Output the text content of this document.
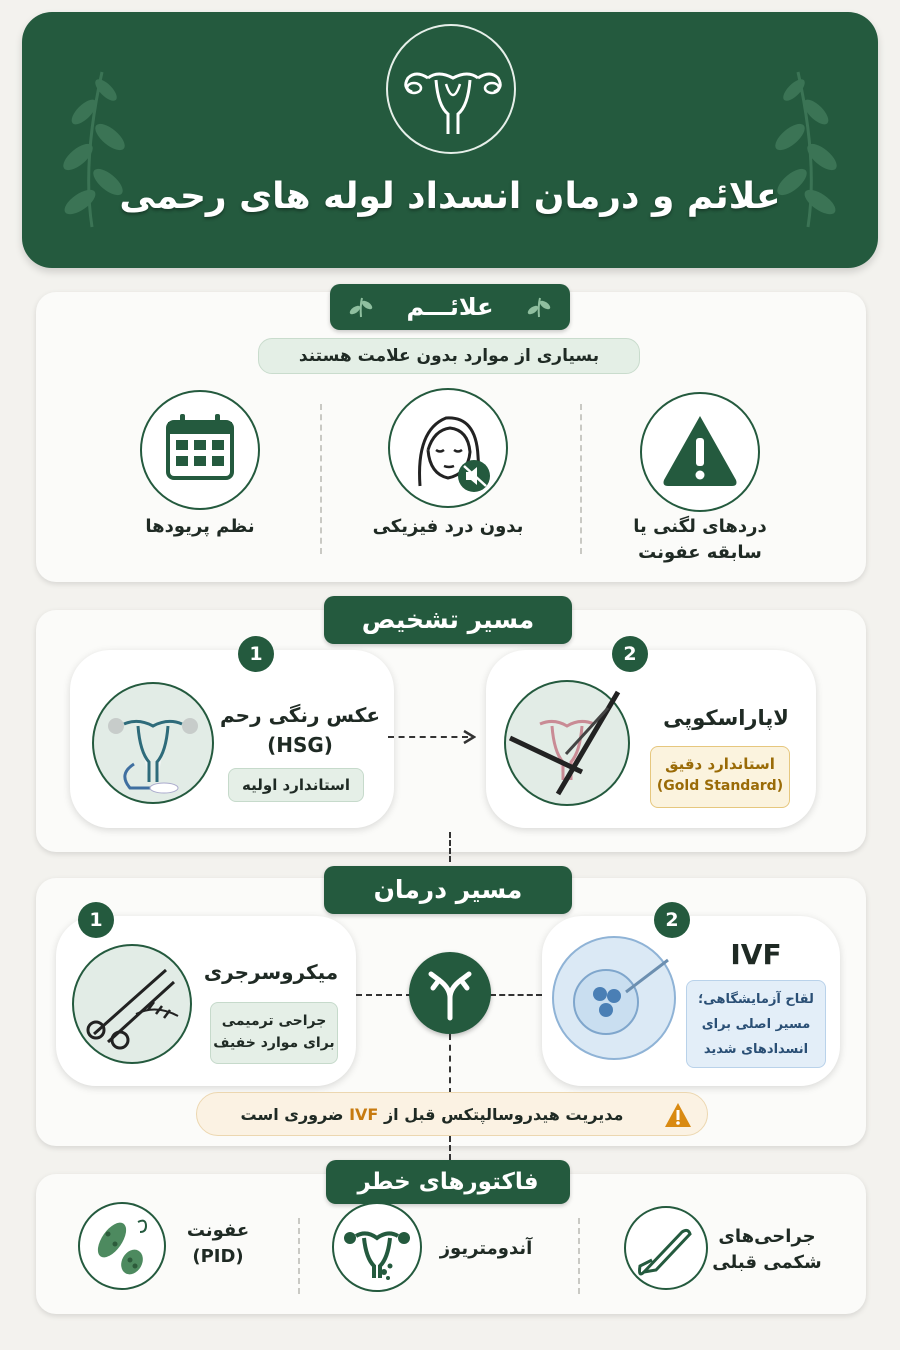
علائم و درمان انسداد لوله های رحمی
علائـــم
بسیاری از موارد بدون علامت هستند
نظم پریودها	بدون درد فیزیکی	دردهای لگنی یا
سابقه عفونت
مسیر تشخیص
1
عکس رنگی رحم
(HSG)
استاندارد اولیه
2
لاپاراسکوپی
استاندارد دقیق
(Gold Standard)
مسیر درمان
1
میکروسرجری
جراحی ترمیمی
برای موارد خفیف
2
IVF
لقاح آزمایشگاهی؛
مسیر اصلی برای
انسدادهای شدید
مدیریت هیدروسالپتکس قبل از IVF ضروری است
فاکتورهای خطر
عفونت
(PID)	آندومتریوز
جراحی‌های
شکمی قبلی
